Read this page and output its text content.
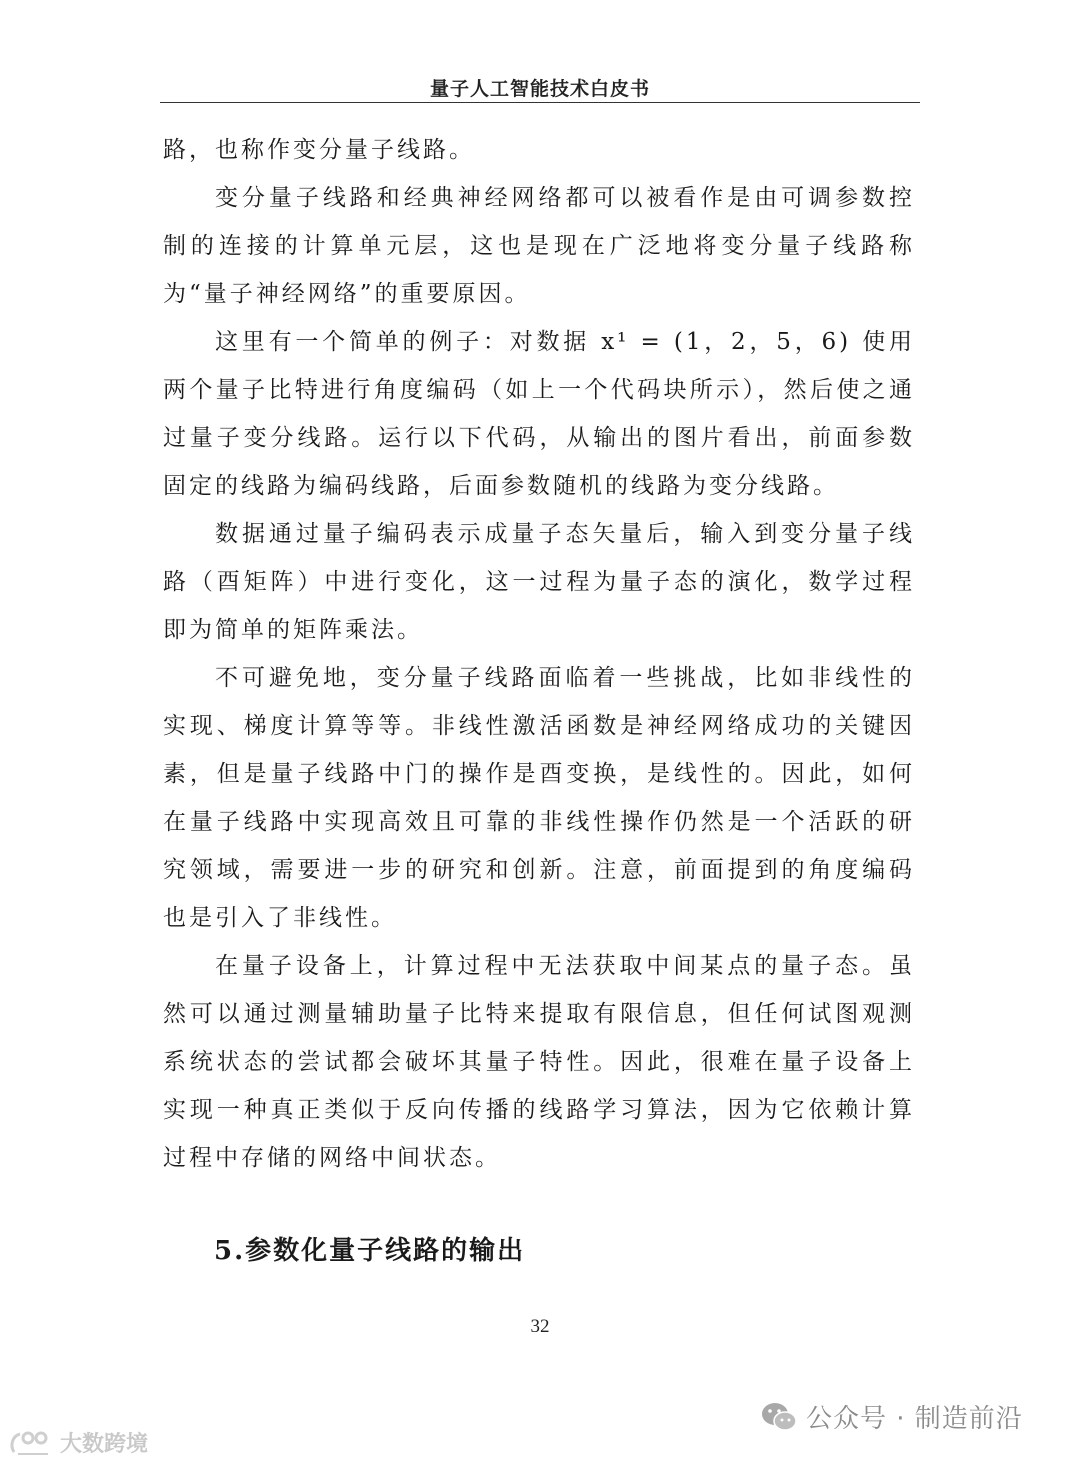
量子人工智能技术白皮书

路，也称作变分量子线路。

变分量子线路和经典神经网络都可以被看作是由可调参数控制的连接的计算单元层，这也是现在广泛地将变分量子线路称为“量子神经网络”的重要原因。

这里有一个简单的例子：对数据 x¹ = (1，2，5，6) 使用两个量子比特进行角度编码（如上一个代码块所示），然后使之通过量子变分线路。运行以下代码，从输出的图片看出，前面参数固定的线路为编码线路，后面参数随机的线路为变分线路。

数据通过量子编码表示成量子态矢量后，输入到变分量子线路（酉矩阵）中进行变化，这一过程为量子态的演化，数学过程即为简单的矩阵乘法。

不可避免地，变分量子线路面临着一些挑战，比如非线性的实现、梯度计算等等。非线性激活函数是神经网络成功的关键因素，但是量子线路中门的操作是酉变换，是线性的。因此，如何在量子线路中实现高效且可靠的非线性操作仍然是一个活跃的研究领域，需要进一步的研究和创新。注意，前面提到的角度编码也是引入了非线性。

在量子设备上，计算过程中无法获取中间某点的量子态。虽然可以通过测量辅助量子比特来提取有限信息，但任何试图观测系统状态的尝试都会破坏其量子特性。因此，很难在量子设备上实现一种真正类似于反向传播的线路学习算法，因为它依赖计算过程中存储的网络中间状态。

5.参数化量子线路的输出
32
公众号 · 制造前沿
大数跨境
